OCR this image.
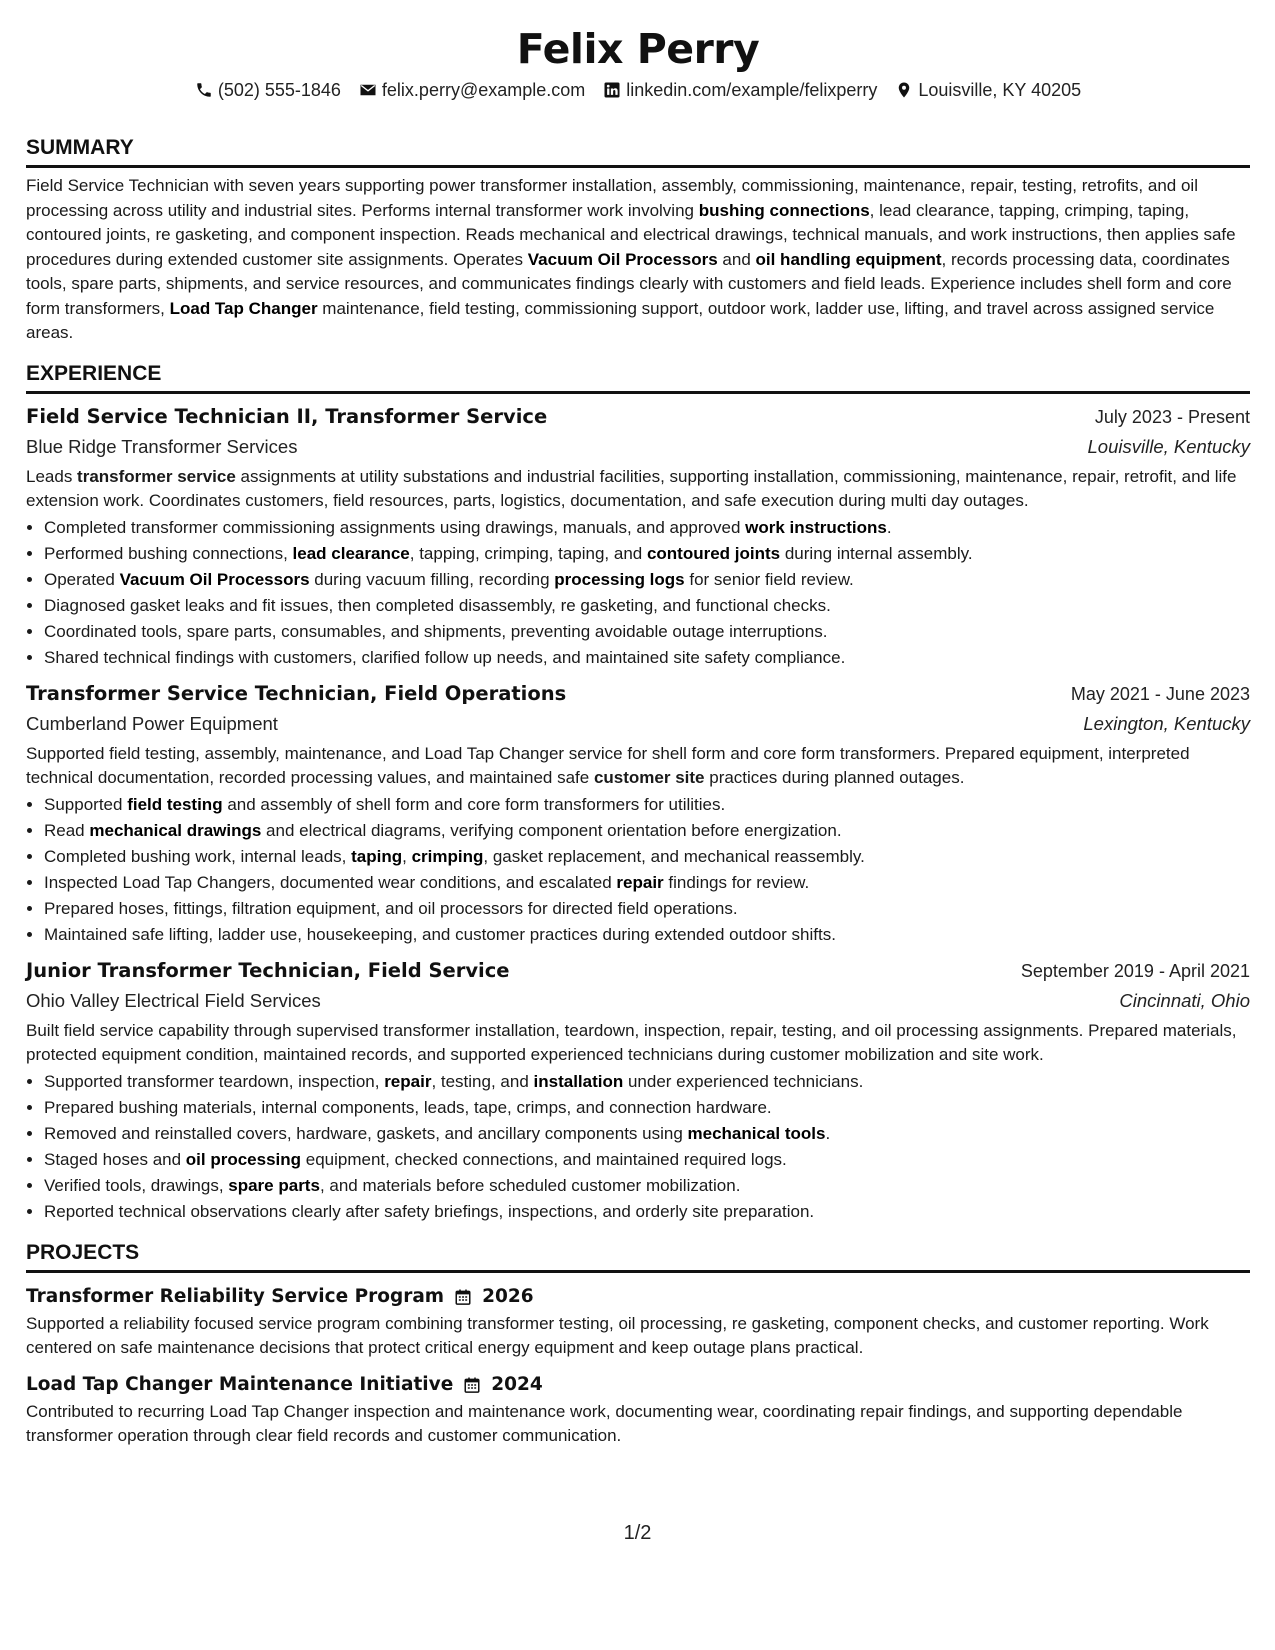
Felix Perry
(502) 555-1846 felix.perry@example.com linkedin.com/example/felixperry Louisville, KY 40205
SUMMARY
Field Service Technician with seven years supporting power transformer installation, assembly, commissioning, maintenance, repair, testing, retrofits, and oil processing across utility and industrial sites. Performs internal transformer work involving bushing connections, lead clearance, tapping, crimping, taping, contoured joints, re gasketing, and component inspection. Reads mechanical and electrical drawings, technical manuals, and work instructions, then applies safe procedures during extended customer site assignments. Operates Vacuum Oil Processors and oil handling equipment, records processing data, coordinates tools, spare parts, shipments, and service resources, and communicates findings clearly with customers and field leads. Experience includes shell form and core form transformers, Load Tap Changer maintenance, field testing, commissioning support, outdoor work, ladder use, lifting, and travel across assigned service areas.
EXPERIENCE
Field Service Technician II, Transformer Service	July 2023 - Present
Blue Ridge Transformer Services	Louisville, Kentucky
Leads transformer service assignments at utility substations and industrial facilities, supporting installation, commissioning, maintenance, repair, retrofit, and life extension work. Coordinates customers, field resources, parts, logistics, documentation, and safe execution during multi day outages.
• Completed transformer commissioning assignments using drawings, manuals, and approved work instructions.
• Performed bushing connections, lead clearance, tapping, crimping, taping, and contoured joints during internal assembly.
• Operated Vacuum Oil Processors during vacuum filling, recording processing logs for senior field review.
• Diagnosed gasket leaks and fit issues, then completed disassembly, re gasketing, and functional checks.
• Coordinated tools, spare parts, consumables, and shipments, preventing avoidable outage interruptions.
• Shared technical findings with customers, clarified follow up needs, and maintained site safety compliance.
Transformer Service Technician, Field Operations	May 2021 - June 2023
Cumberland Power Equipment	Lexington, Kentucky
Supported field testing, assembly, maintenance, and Load Tap Changer service for shell form and core form transformers. Prepared equipment, interpreted technical documentation, recorded processing values, and maintained safe customer site practices during planned outages.
• Supported field testing and assembly of shell form and core form transformers for utilities.
• Read mechanical drawings and electrical diagrams, verifying component orientation before energization.
• Completed bushing work, internal leads, taping, crimping, gasket replacement, and mechanical reassembly.
• Inspected Load Tap Changers, documented wear conditions, and escalated repair findings for review.
• Prepared hoses, fittings, filtration equipment, and oil processors for directed field operations.
• Maintained safe lifting, ladder use, housekeeping, and customer practices during extended outdoor shifts.
Junior Transformer Technician, Field Service	September 2019 - April 2021
Ohio Valley Electrical Field Services	Cincinnati, Ohio
Built field service capability through supervised transformer installation, teardown, inspection, repair, testing, and oil processing assignments. Prepared materials, protected equipment condition, maintained records, and supported experienced technicians during customer mobilization and site work.
• Supported transformer teardown, inspection, repair, testing, and installation under experienced technicians.
• Prepared bushing materials, internal components, leads, tape, crimps, and connection hardware.
• Removed and reinstalled covers, hardware, gaskets, and ancillary components using mechanical tools.
• Staged hoses and oil processing equipment, checked connections, and maintained required logs.
• Verified tools, drawings, spare parts, and materials before scheduled customer mobilization.
• Reported technical observations clearly after safety briefings, inspections, and orderly site preparation.
PROJECTS
Transformer Reliability Service Program 2026
Supported a reliability focused service program combining transformer testing, oil processing, re gasketing, component checks, and customer reporting. Work centered on safe maintenance decisions that protect critical energy equipment and keep outage plans practical.
Load Tap Changer Maintenance Initiative 2024
Contributed to recurring Load Tap Changer inspection and maintenance work, documenting wear, coordinating repair findings, and supporting dependable transformer operation through clear field records and customer communication.
1/2
